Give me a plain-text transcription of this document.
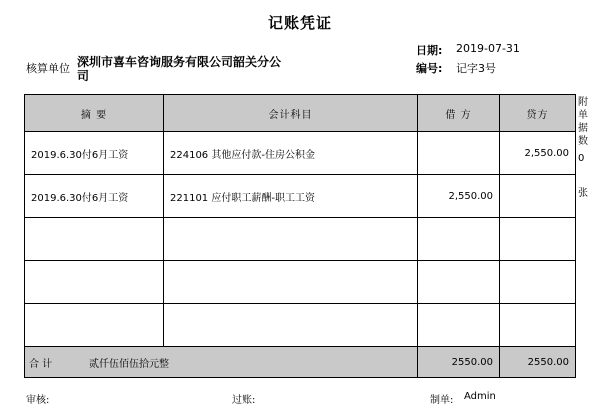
记账凭证
核算单位 深圳市喜车咨询服务有限公司韶关分公司
日期: 2019-07-31
编号: 记字3号
摘 要	会计科目	借 方	贷方
2019.6.30付6月工资	224106 其他应付款-住房公积金		2,550.00
2019.6.30付6月工资	221101 应付职工薪酬-职工工资	2,550.00	

合 计 贰仟伍佰伍拾元整		2550.00	2550.00
附单据数
0
张
审核:	过账:	制单: Admin
